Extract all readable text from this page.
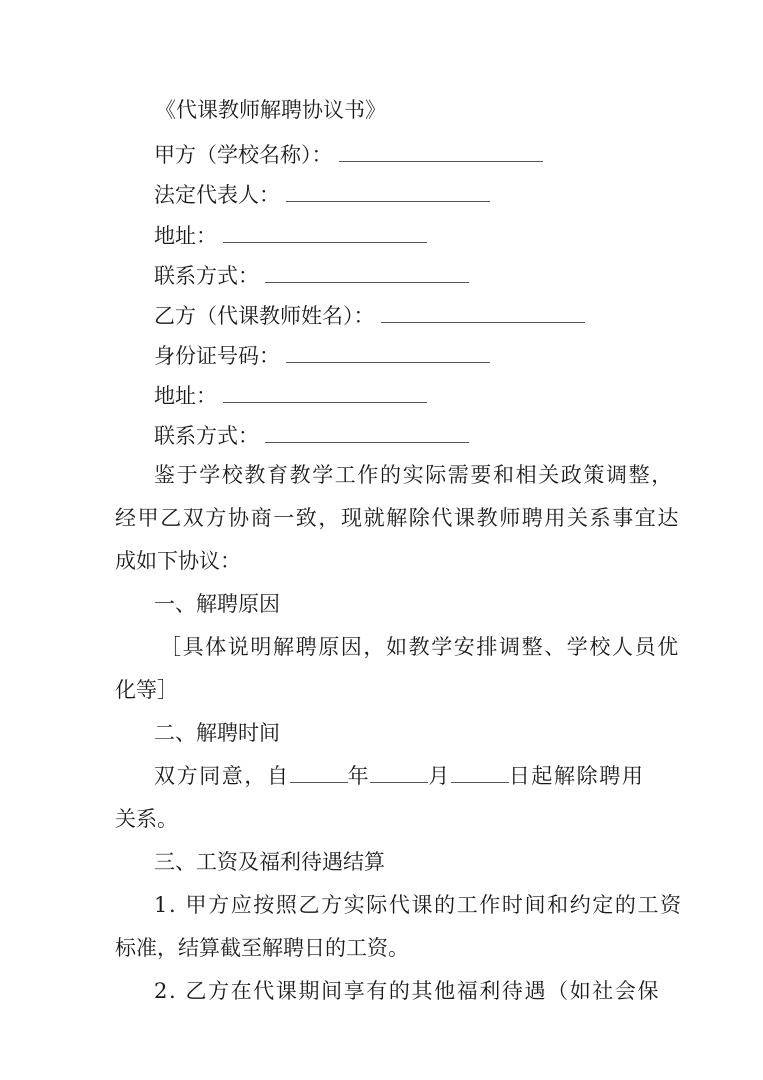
《代课教师解聘协议书》
甲方（学校名称）：
法定代表人：
地址：
联系方式：
乙方（代课教师姓名）：
身份证号码：
地址：
联系方式：
鉴于学校教育教学工作的实际需要和相关政策调整，
经甲乙双方协商一致，现就解除代课教师聘用关系事宜达
成如下协议：
一、解聘原因
［具体说明解聘原因，如教学安排调整、学校人员优
化等］
二、解聘时间
双方同意，自	年	月	日起解除聘用
关系。
三、工资及福利待遇结算
1. 甲方应按照乙方实际代课的工作时间和约定的工资
标准，结算截至解聘日的工资。
2. 乙方在代课期间享有的其他福利待遇（如社会保
